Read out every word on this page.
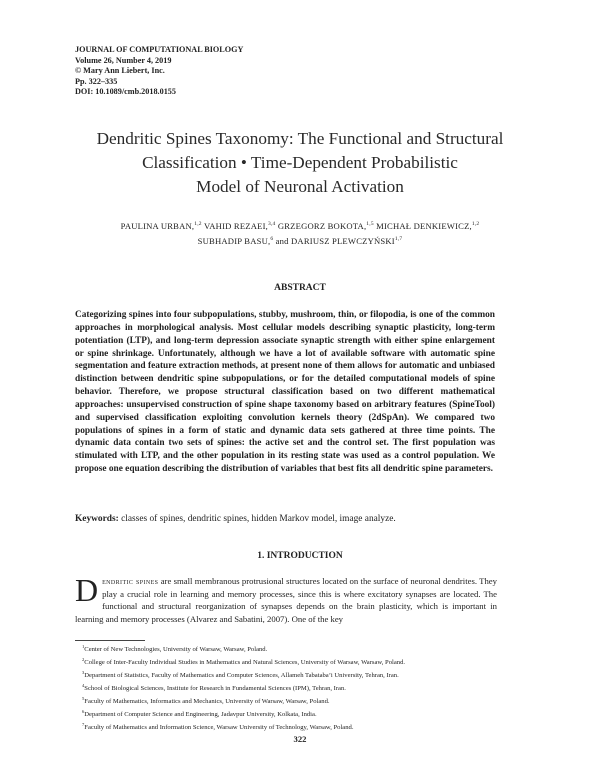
JOURNAL OF COMPUTATIONAL BIOLOGY
Volume 26, Number 4, 2019
© Mary Ann Liebert, Inc.
Pp. 322–335
DOI: 10.1089/cmb.2018.0155
Dendritic Spines Taxonomy: The Functional and Structural
Classification • Time-Dependent Probabilistic
Model of Neuronal Activation
PAULINA URBAN,$^{1,2}$ VAHID REZAEI,$^{3,4}$ GRZEGORZ BOKOTA,$^{1,5}$ MICHAŁ DENKIEWICZ,$^{1,2}$
SUBHADIP BASU,$^6$ and DARIUSZ PLEWCZYŃSKI$^{1,7}$
ABSTRACT

Categorizing spines into four subpopulations, stubby, mushroom, thin, or filopodia, is one of the common approaches in morphological analysis. Most cellular models describing synaptic plasticity, long-term potentiation (LTP), and long-term depression associate synaptic strength with either spine enlargement or spine shrinkage. Unfortunately, although we have a lot of available software with automatic spine segmentation and feature extraction methods, at present none of them allows for automatic and unbiased distinction between dendritic spine subpopulations, or for the detailed computational models of spine behavior. Therefore, we propose structural classification based on two different mathematical approaches: unsupervised construction of spine shape taxonomy based on arbitrary features (SpineTool) and supervised classification exploiting convolution kernels theory (2dSpAn). We compared two populations of spines in a form of static and dynamic data sets gathered at three time points. The dynamic data contain two sets of spines: the active set and the control set. The first population was stimulated with LTP, and the other population in its resting state was used as a control population. We propose one equation describing the distribution of variables that best fits all dendritic spine parameters.

Keywords: classes of spines, dendritic spines, hidden Markov model, image analyze.

1. INTRODUCTION

Dendritic spines are small membranous protrusional structures located on the surface of neuronal dendrites. They play a crucial role in learning and memory processes, since this is where excitatory synapses are located. The functional and structural reorganization of synapses depends on the brain plasticity, which is important in learning and memory processes (Alvarez and Sabatini, 2007). One of the key

$^1$Center of New Technologies, University of Warsaw, Warsaw, Poland.
$^2$College of Inter-Faculty Individual Studies in Mathematics and Natural Sciences, University of Warsaw, Warsaw, Poland.
$^3$Department of Statistics, Faculty of Mathematics and Computer Sciences, Allameh Tabataba’i University, Tehran, Iran.
$^4$School of Biological Sciences, Institute for Research in Fundamental Sciences (IPM), Tehran, Iran.
$^5$Faculty of Mathematics, Informatics and Mechanics, University of Warsaw, Warsaw, Poland.
$^6$Department of Computer Science and Engineering, Jadavpur University, Kolkata, India.
$^7$Faculty of Mathematics and Information Science, Warsaw University of Technology, Warsaw, Poland.
322
